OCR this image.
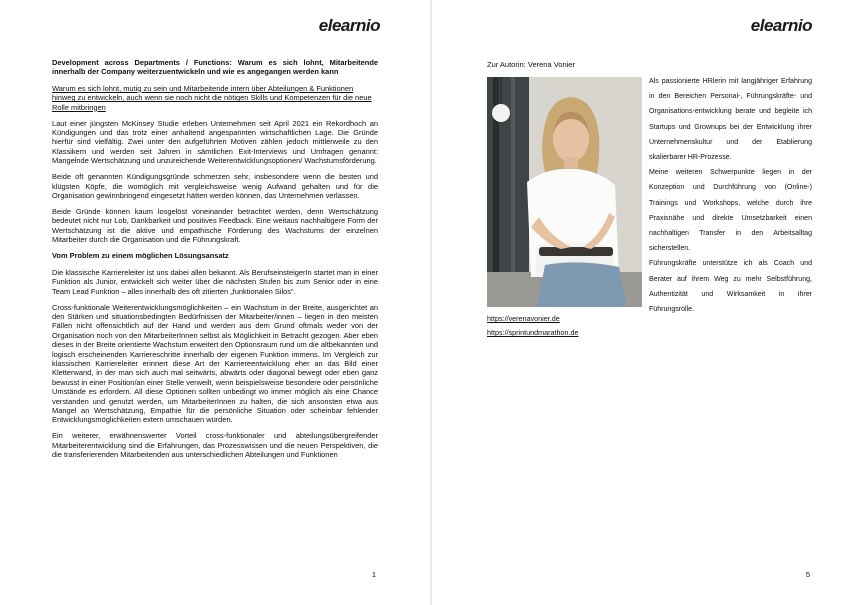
elearnio

Development across Departments / Functions: Warum es sich lohnt, Mitarbeitende innerhalb der Company weiterzuentwickeln und wie es angegangen werden kann

Warum es sich lohnt, mutig zu sein und Mitarbeitende intern über Abteilungen & Funktionen hinweg zu entwickeln, auch wenn sie noch nicht die nötigen Skills und Kompetenzen für die neue Rolle mitbringen

Laut einer jüngsten McKinsey Studie erleben Unternehmen seit April 2021 ein Rekordhoch an Kündigungen und das trotz einer anhaltend angespannten wirtschaftlichen Lage. Die Gründe hierfür sind vielfältig. Zwei unter den aufgeführten Motiven zählen jedoch mittlerweile zu den Klassikern und werden seit Jahren in sämtlichen Exit-Interviews und Umfragen genannt: Mangelnde Wertschätzung und unzureichende Weiterentwicklungsoptionen/ Wachstumsförderung.

Beide oft genannten Kündigungsgründe schmerzen sehr, insbesondere wenn die besten und klügsten Köpfe, die womöglich mit vergleichsweise wenig Aufwand gehalten und für die Organisation gewinnbringend eingesetzt hätten werden können, das Unternehmen verlassen.

Beide Gründe können kaum losgelöst voneinander betrachtet werden, denn Wertschätzung bedeutet nicht nur Lob, Dankbarkeit und positives Feedback. Eine weitaus nachhaltigere Form der Wertschätzung ist die aktive und empathische Förderung des Wachstums der einzelnen Mitarbeiter durch die Organisation und die Führungskraft.

Vom Problem zu einem möglichen Lösungsansatz

Die klassische Karriereleiter ist uns dabei allen bekannt. Als BerufseinsteigerIn startet man in einer Funktion als Junior, entwickelt sich weiter über die nächsten Stufen bis zum Senior oder in eine Team Lead Funktion – alles innerhalb des oft zitierten „funktionalen Silos“.

Cross-funktionale Weiterentwicklungsmöglichkeiten – ein Wachstum in der Breite, ausgerichtet an den Stärken und situationsbedingten Bedürfnissen der Mitarbeiter/innen – liegen in den meisten Fällen nicht offensichtlich auf der Hand und werden aus dem Grund oftmals weder von der Organisation noch von den MitarbeiterInnen selbst als Möglichkeit in Betracht gezogen. Aber eben dieses in der Breite orientierte Wachstum erweitert den Optionsraum rund um die altbekannten und logisch erscheinenden Karriereschritte innerhalb der eigenen Funktion immens. Im Vergleich zur klassischen Karriereleiter erinnert diese Art der Karriereentwicklung eher an das Bild einer Kletterwand, in der man sich auch mal seitwärts, abwärts oder diagonal bewegt oder eben ganz bewusst in einer Position/an einer Stelle verweilt, wenn beispielsweise besondere oder persönliche Umstände es erfordern. All diese Optionen sollten unbedingt wo immer möglich als eine Chance verstanden und genutzt werden, um MitarbeiterInnen zu halten, die sich ansonsten etwa aus Mangel an Wertschätzung, Empathie für die persönliche Situation oder scheinbar fehlender Entwicklungsmöglichkeiten extern umschauen würden.

Ein weiterer, erwähnenswerter Vorteil cross-funktionaler und abteilungsübergreifender Mitarbeiterentwicklung sind die Erfahrungen, das Prozesswissen und die neuen Perspektiven, die die transferierenden Mitarbeitenden aus unterschiedlichen Abteilungen und Funktionen

1
elearnio
Zur Autorin: Verena Vonier

Als passionierte HRlerin mit langjähriger Erfahrung in den Bereichen Personal-, Führungskräfte- und Organisations-entwicklung berate und begleite ich Startups und Grownups bei der Entwicklung ihrer Unternehmenskultur und der Etablierung skalierbarer HR-Prozesse.

Meine weiteren Schwerpunkte liegen in der Konzeption und Durchführung von (Online-) Trainings und Workshops, welche durch ihre Praxisnähe und direkte Umsetzbarkeit einen nachhaltigen Transfer in den Arbeitsalltag sicherstellen.

Führungskräfte unterstütze ich als Coach und Berater auf ihrem Weg zu mehr Selbstführung, Authentizität und Wirksamkeit in ihrer Führungsrolle.

https://verenavonier.de
https://sprintundmarathon.de
5
